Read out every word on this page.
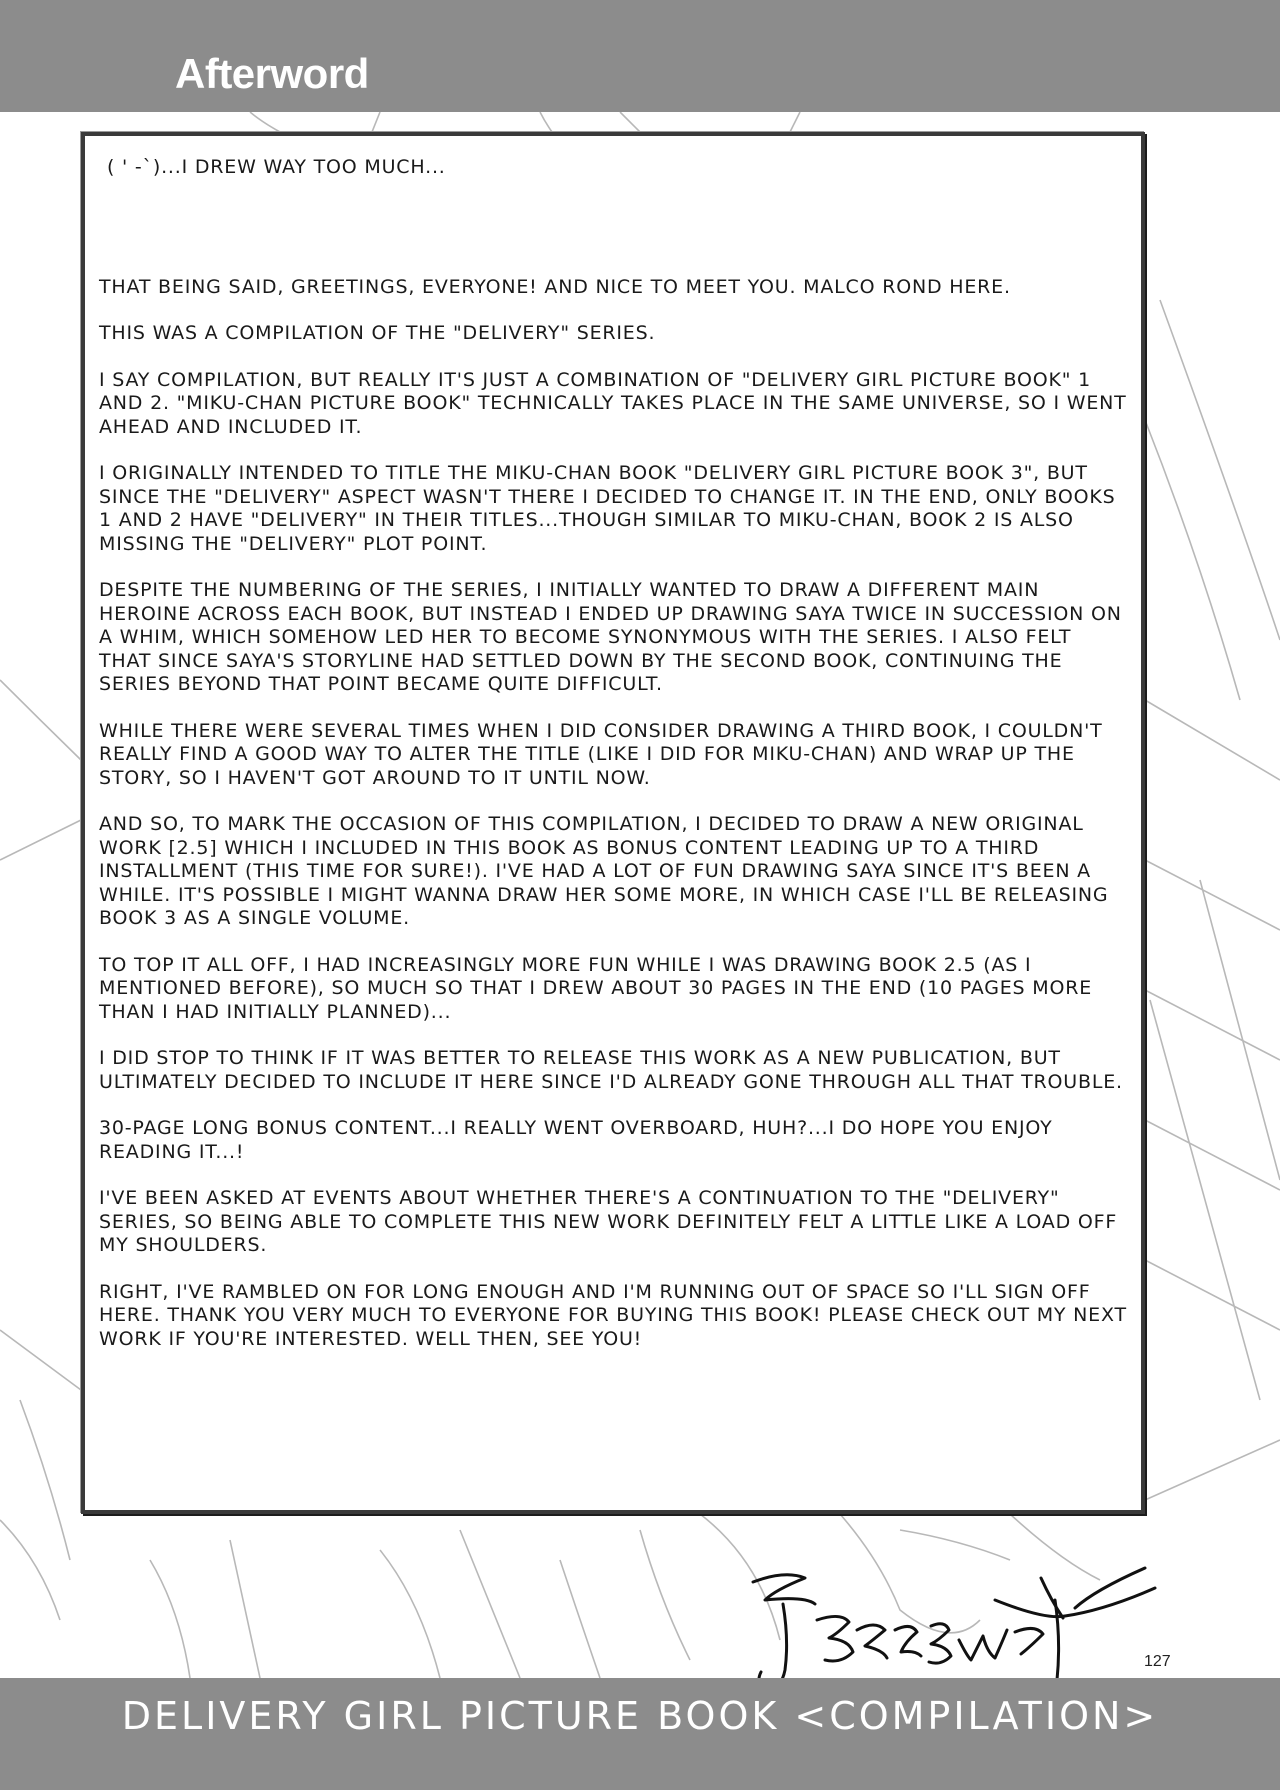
Afterword

( ' -`)...I DREW WAY TOO MUCH...

THAT BEING SAID, GREETINGS, EVERYONE! AND NICE TO MEET YOU. MALCO ROND HERE.

THIS WAS A COMPILATION OF THE "DELIVERY" SERIES.

I SAY COMPILATION, BUT REALLY IT'S JUST A COMBINATION OF "DELIVERY GIRL PICTURE BOOK" 1 AND 2. "MIKU-CHAN PICTURE BOOK" TECHNICALLY TAKES PLACE IN THE SAME UNIVERSE, SO I WENT AHEAD AND INCLUDED IT.

I ORIGINALLY INTENDED TO TITLE THE MIKU-CHAN BOOK "DELIVERY GIRL PICTURE BOOK 3", BUT SINCE THE "DELIVERY" ASPECT WASN'T THERE I DECIDED TO CHANGE IT. IN THE END, ONLY BOOKS 1 AND 2 HAVE "DELIVERY" IN THEIR TITLES...THOUGH SIMILAR TO MIKU-CHAN, BOOK 2 IS ALSO MISSING THE "DELIVERY" PLOT POINT.

DESPITE THE NUMBERING OF THE SERIES, I INITIALLY WANTED TO DRAW A DIFFERENT MAIN HEROINE ACROSS EACH BOOK, BUT INSTEAD I ENDED UP DRAWING SAYA TWICE IN SUCCESSION ON A WHIM, WHICH SOMEHOW LED HER TO BECOME SYNONYMOUS WITH THE SERIES. I ALSO FELT THAT SINCE SAYA'S STORYLINE HAD SETTLED DOWN BY THE SECOND BOOK, CONTINUING THE SERIES BEYOND THAT POINT BECAME QUITE DIFFICULT.

WHILE THERE WERE SEVERAL TIMES WHEN I DID CONSIDER DRAWING A THIRD BOOK, I COULDN'T REALLY FIND A GOOD WAY TO ALTER THE TITLE (LIKE I DID FOR MIKU-CHAN) AND WRAP UP THE STORY, SO I HAVEN'T GOT AROUND TO IT UNTIL NOW.

AND SO, TO MARK THE OCCASION OF THIS COMPILATION, I DECIDED TO DRAW A NEW ORIGINAL WORK [2.5] WHICH I INCLUDED IN THIS BOOK AS BONUS CONTENT LEADING UP TO A THIRD INSTALLMENT (THIS TIME FOR SURE!). I'VE HAD A LOT OF FUN DRAWING SAYA SINCE IT'S BEEN A WHILE. IT'S POSSIBLE I MIGHT WANNA DRAW HER SOME MORE, IN WHICH CASE I'LL BE RELEASING BOOK 3 AS A SINGLE VOLUME.

TO TOP IT ALL OFF, I HAD INCREASINGLY MORE FUN WHILE I WAS DRAWING BOOK 2.5 (AS I MENTIONED BEFORE), SO MUCH SO THAT I DREW ABOUT 30 PAGES IN THE END (10 PAGES MORE THAN I HAD INITIALLY PLANNED)...

I DID STOP TO THINK IF IT WAS BETTER TO RELEASE THIS WORK AS A NEW PUBLICATION, BUT ULTIMATELY DECIDED TO INCLUDE IT HERE SINCE I'D ALREADY GONE THROUGH ALL THAT TROUBLE.

30-PAGE LONG BONUS CONTENT...I REALLY WENT OVERBOARD, HUH?...I DO HOPE YOU ENJOY READING IT...!

I'VE BEEN ASKED AT EVENTS ABOUT WHETHER THERE'S A CONTINUATION TO THE "DELIVERY" SERIES, SO BEING ABLE TO COMPLETE THIS NEW WORK DEFINITELY FELT A LITTLE LIKE A LOAD OFF MY SHOULDERS.

RIGHT, I'VE RAMBLED ON FOR LONG ENOUGH AND I'M RUNNING OUT OF SPACE SO I'LL SIGN OFF HERE. THANK YOU VERY MUCH TO EVERYONE FOR BUYING THIS BOOK! PLEASE CHECK OUT MY NEXT WORK IF YOU'RE INTERESTED. WELL THEN, SEE YOU!

127
DELIVERY GIRL PICTURE BOOK <COMPILATION>
